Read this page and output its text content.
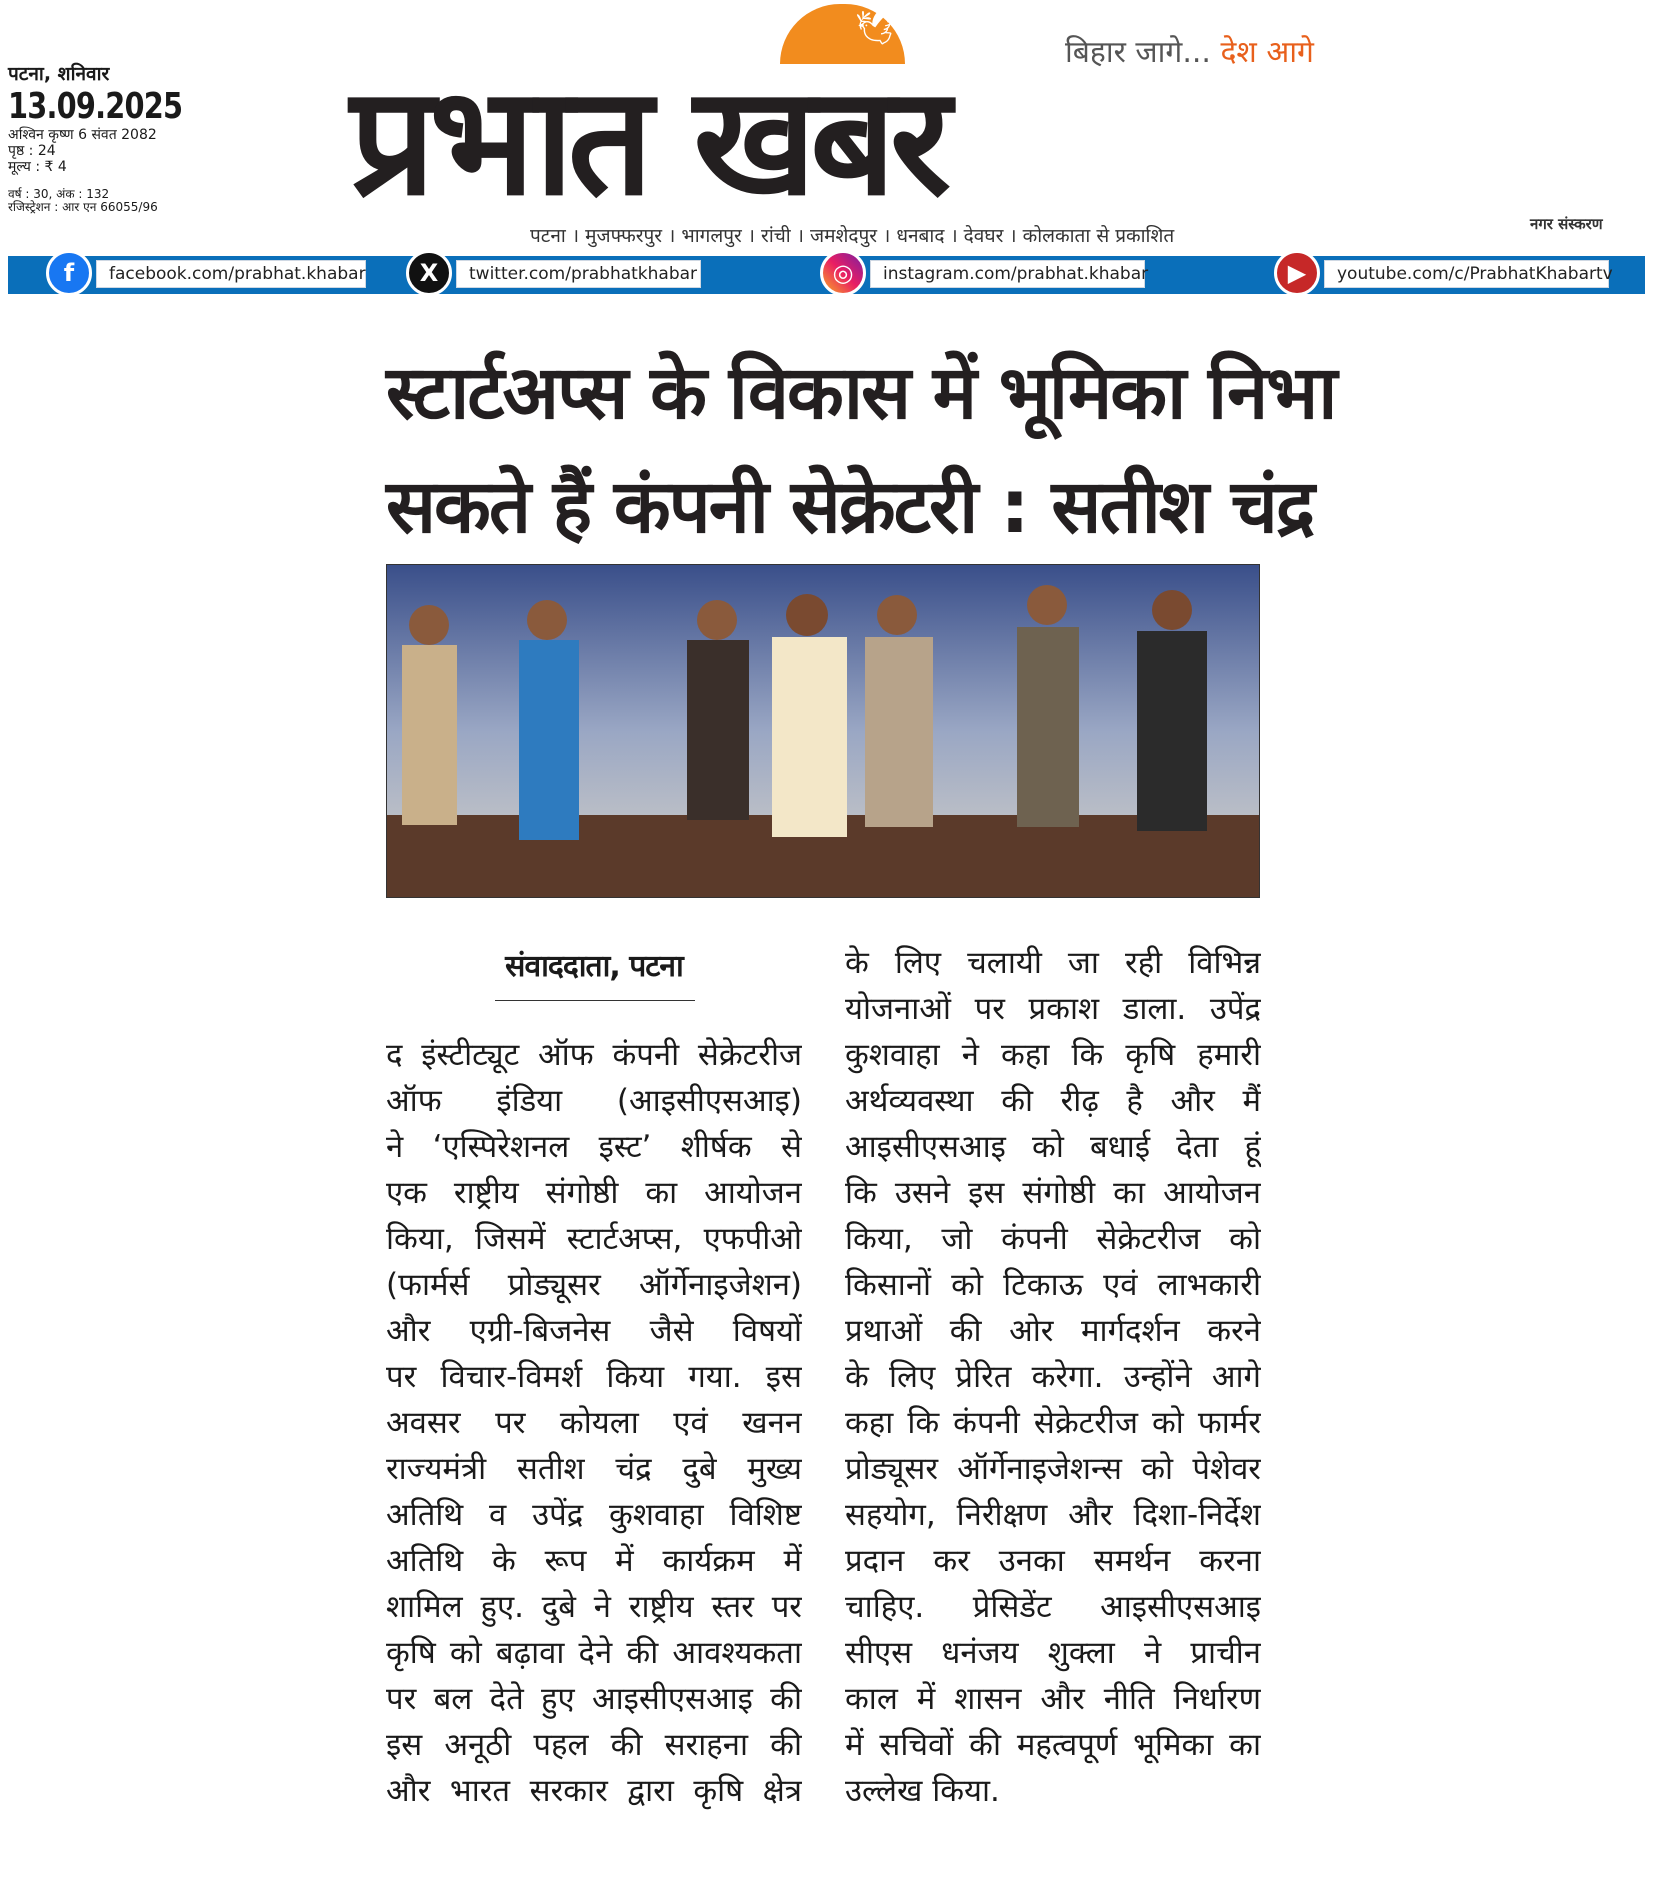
पटना, शनिवार
13.09.2025
अश्विन कृष्ण 6 संवत 2082
पृष्ठ : 24
मूल्य : ₹ 4
वर्ष : 30, अंक : 132
रजिस्ट्रेशन : आर एन 66055/96
🕊
बिहार जागे... देश आगे
प्रभात खबर
पटना । मुजफ्फरपुर । भागलपुर । रांची । जमशेदपुर । धनबाद । देवघर । कोलकाता से प्रकाशित
नगर संस्करण
f	facebook.com/prabhat.khabar	X	twitter.com/prabhatkhabar	◎	instagram.com/prabhat.khabar	▶	youtube.com/c/PrabhatKhabartv
स्टार्टअप्स के विकास में भूमिका निभा
सकते हैं कंपनी सेक्रेटरी : सतीश चंद्र
संवाददाता, पटना
द इंस्टीट्यूट ऑफ कंपनी सेक्रेटरीज
ऑफ इंडिया (आइसीएसआइ)
ने ‘एस्पिरेशनल इस्ट’ शीर्षक से
एक राष्ट्रीय संगोष्ठी का आयोजन
किया, जिसमें स्टार्टअप्स, एफपीओ
(फार्मर्स प्रोड्यूसर ऑर्गेनाइजेशन)
और एग्री-बिजनेस जैसे विषयों
पर विचार-विमर्श किया गया. इस
अवसर पर कोयला एवं खनन
राज्यमंत्री सतीश चंद्र दुबे मुख्य
अतिथि व उपेंद्र कुशवाहा विशिष्ट
अतिथि के रूप में कार्यक्रम में
शामिल हुए. दुबे ने राष्ट्रीय स्तर पर
कृषि को बढ़ावा देने की आवश्यकता
पर बल देते हुए आइसीएसआइ की
इस अनूठी पहल की सराहना की
और भारत सरकार द्वारा कृषि क्षेत्र
के लिए चलायी जा रही विभिन्न
योजनाओं पर प्रकाश डाला. उपेंद्र
कुशवाहा ने कहा कि कृषि हमारी
अर्थव्यवस्था की रीढ़ है और मैं
आइसीएसआइ को बधाई देता हूं
कि उसने इस संगोष्ठी का आयोजन
किया, जो कंपनी सेक्रेटरीज को
किसानों को टिकाऊ एवं लाभकारी
प्रथाओं की ओर मार्गदर्शन करने
के लिए प्रेरित करेगा. उन्होंने आगे
कहा कि कंपनी सेक्रेटरीज को फार्मर
प्रोड्यूसर ऑर्गेनाइजेशन्स को पेशेवर
सहयोग, निरीक्षण और दिशा-निर्देश
प्रदान कर उनका समर्थन करना
चाहिए. प्रेसिडेंट आइसीएसआइ
सीएस धनंजय शुक्ला ने प्राचीन
काल में शासन और नीति निर्धारण
में सचिवों की महत्वपूर्ण भूमिका का
उल्लेख किया.
